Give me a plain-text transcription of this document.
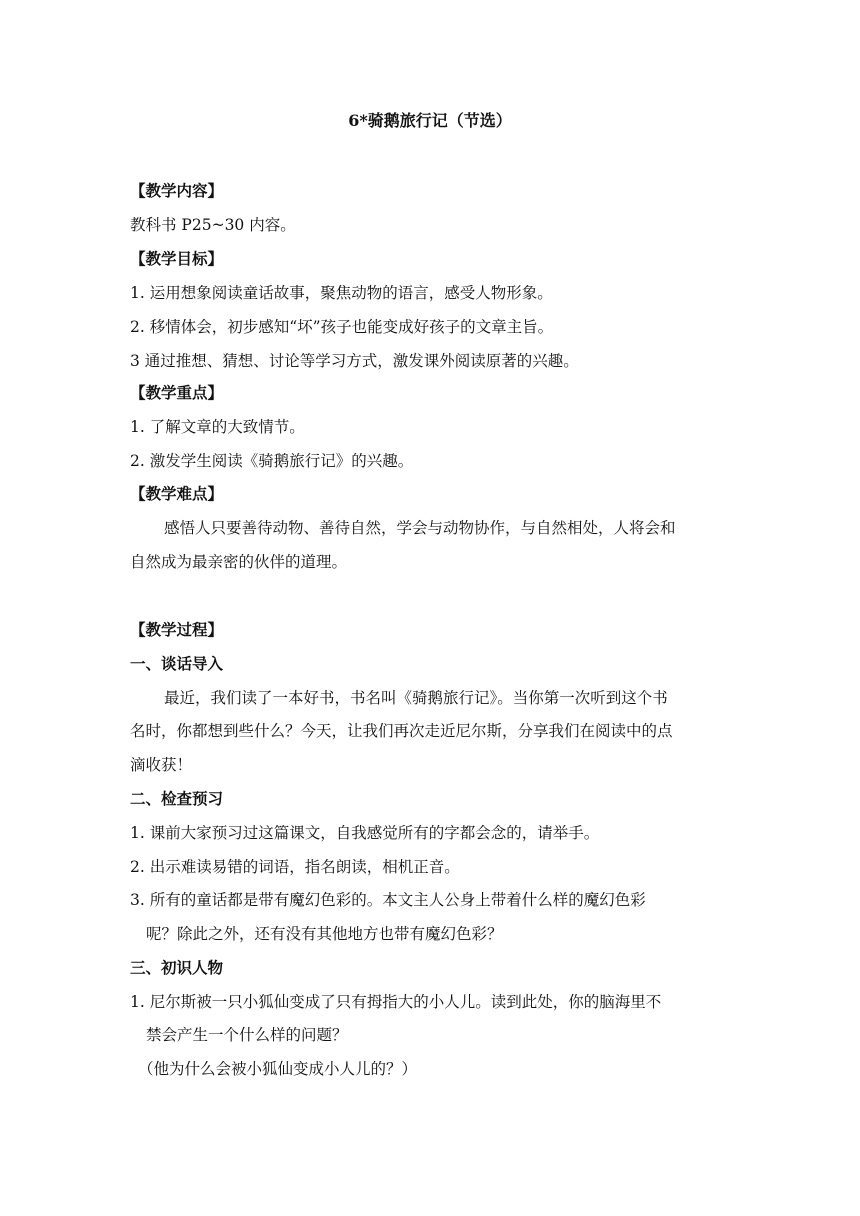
6*骑鹅旅行记（节选）
【教学内容】
教科书 P25~30 内容。
【教学目标】
1. 运用想象阅读童话故事，聚焦动物的语言，感受人物形象。
2. 移情体会，初步感知“坏”孩子也能变成好孩子的文章主旨。
3 通过推想、猜想、讨论等学习方式，激发课外阅读原著的兴趣。
【教学重点】
1. 了解文章的大致情节。
2. 激发学生阅读《骑鹅旅行记》的兴趣。
【教学难点】
感悟人只要善待动物、善待自然，学会与动物协作，与自然相处，人将会和
自然成为最亲密的伙伴的道理。
【教学过程】
一、谈话导入
最近，我们读了一本好书，书名叫《骑鹅旅行记》。当你第一次听到这个书
名时，你都想到些什么？今天，让我们再次走近尼尔斯，分享我们在阅读中的点
滴收获！
二、检查预习
1. 课前大家预习过这篇课文，自我感觉所有的字都会念的，请举手。
2. 出示难读易错的词语，指名朗读，相机正音。
3. 所有的童话都是带有魔幻色彩的。本文主人公身上带着什么样的魔幻色彩
呢？除此之外，还有没有其他地方也带有魔幻色彩？
三、初识人物
1. 尼尔斯被一只小狐仙变成了只有拇指大的小人儿。读到此处，你的脑海里不
禁会产生一个什么样的问题？
（他为什么会被小狐仙变成小人儿的？）
